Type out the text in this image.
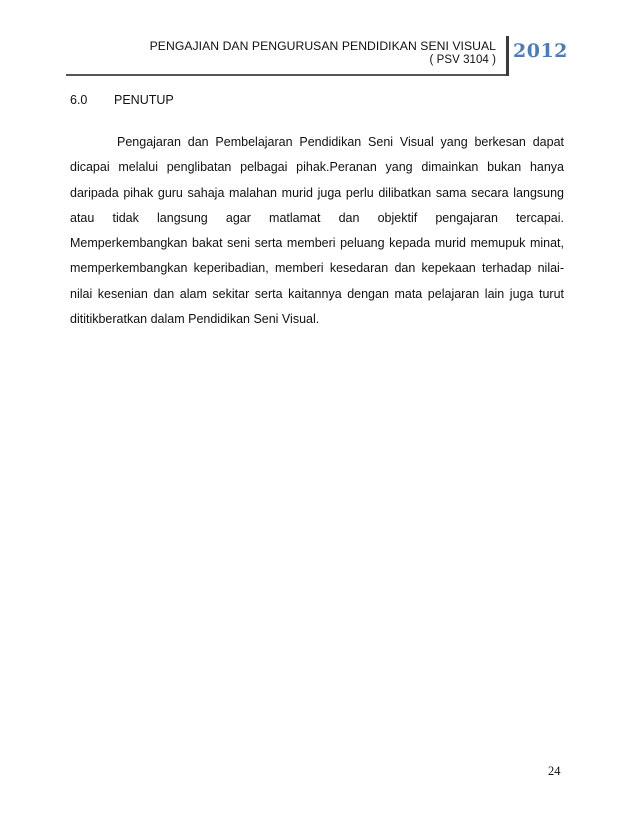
PENGAJIAN DAN PENGURUSAN PENDIDIKAN SENI VISUAL
( PSV 3104 ) 2012
6.0 PENUTUP

Pengajaran dan Pembelajaran Pendidikan Seni Visual yang berkesan dapat dicapai melalui penglibatan pelbagai pihak.Peranan yang dimainkan bukan hanya daripada pihak guru sahaja malahan murid juga perlu dilibatkan sama secara langsung atau tidak langsung agar matlamat dan objektif pengajaran tercapai. Memperkembangkan bakat seni serta memberi peluang kepada murid memupuk minat, memperkembangkan keperibadian, memberi kesedaran dan kepekaan terhadap nilai-nilai kesenian dan alam sekitar serta kaitannya dengan mata pelajaran lain juga turut dititikberatkan dalam Pendidikan Seni Visual.

24
